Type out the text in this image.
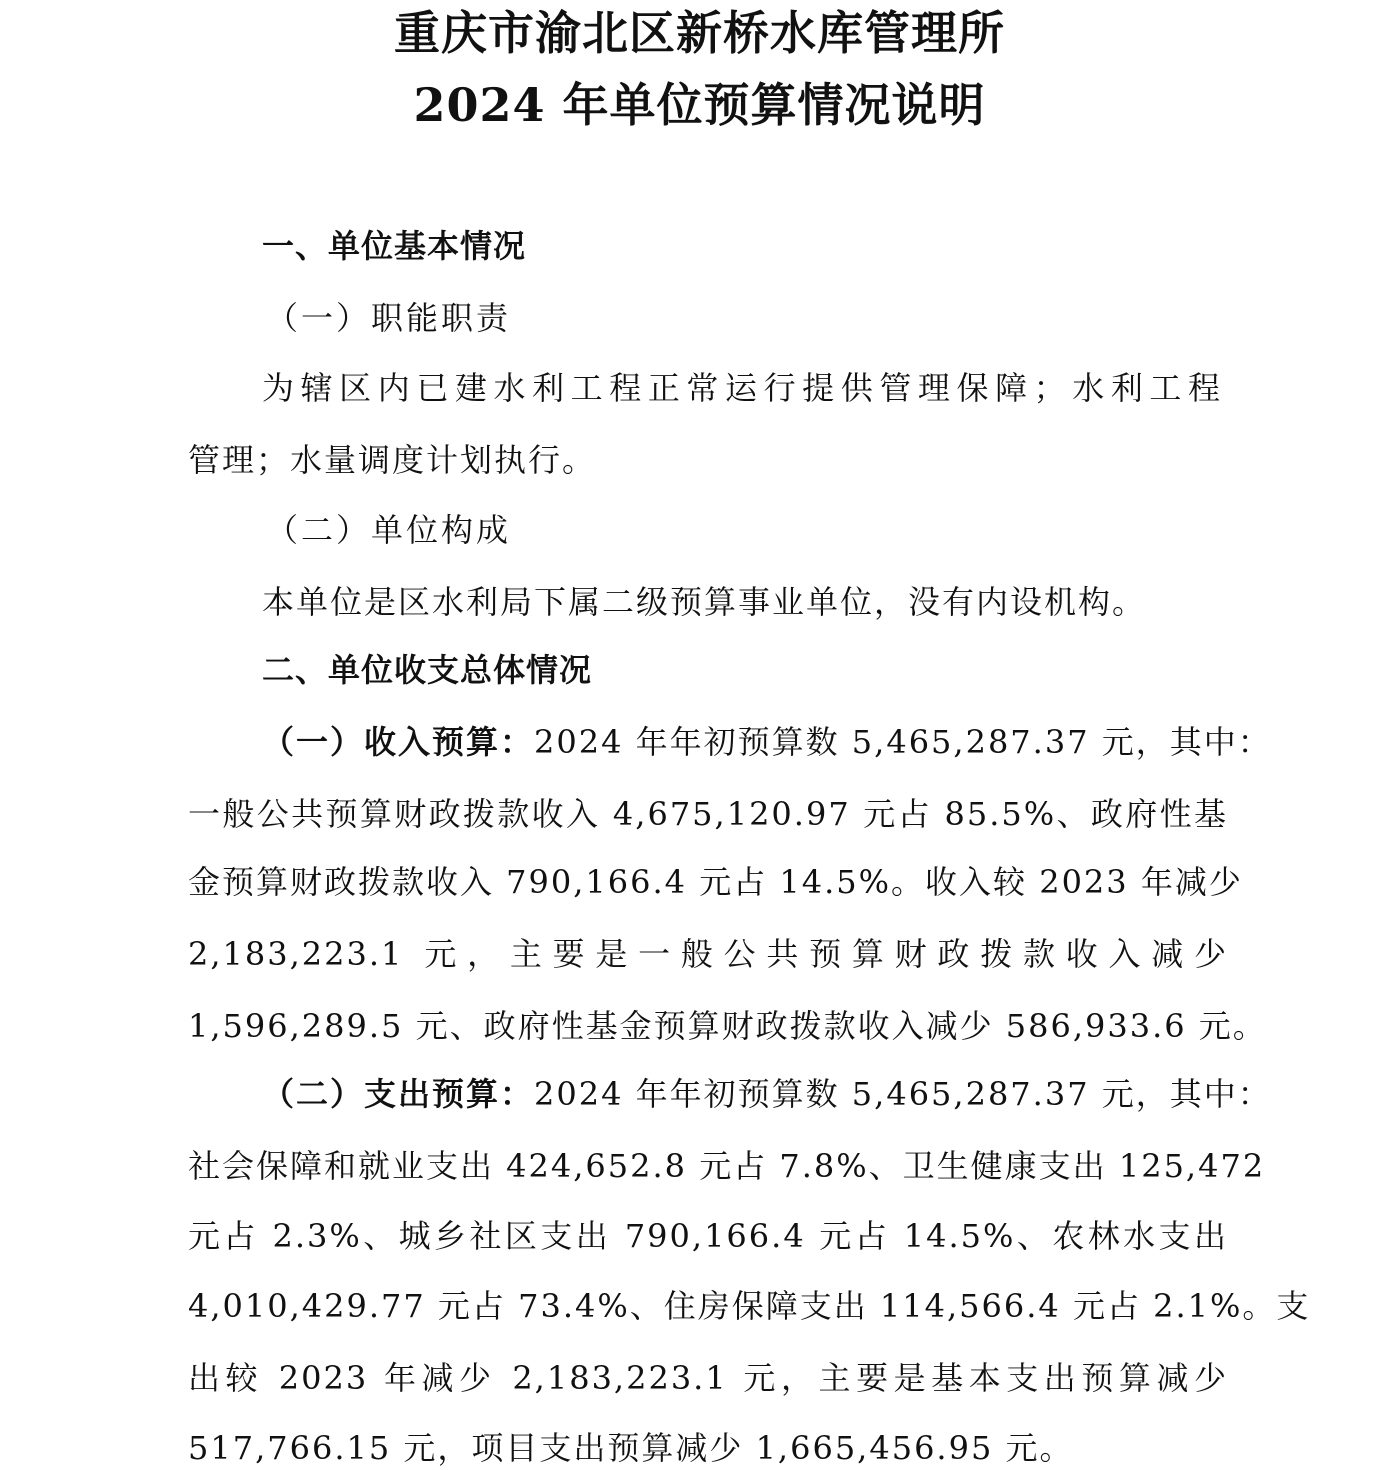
重庆市渝北区新桥水库管理所
2024 年单位预算情况说明
一、单位基本情况
（一）职能职责
为辖区内已建水利工程正常运行提供管理保障；水利工程
管理；水量调度计划执行。
（二）单位构成
本单位是区水利局下属二级预算事业单位，没有内设机构。
二、单位收支总体情况
（一）收入预算：2024 年年初预算数 5,465,287.37 元，其中：
一般公共预算财政拨款收入 4,675,120.97 元占 85.5%、政府性基
金预算财政拨款收入 790,166.4 元占 14.5%。收入较 2023 年减少
2,183,223.1 元，主要是一般公共预算财政拨款收入减少
1,596,289.5 元、政府性基金预算财政拨款收入减少 586,933.6 元。
（二）支出预算：2024 年年初预算数 5,465,287.37 元，其中：
社会保障和就业支出 424,652.8 元占 7.8%、卫生健康支出 125,472
元占 2.3%、城乡社区支出 790,166.4 元占 14.5%、农林水支出
4,010,429.77 元占 73.4%、住房保障支出 114,566.4 元占 2.1%。支
出较 2023 年减少 2,183,223.1 元，主要是基本支出预算减少
517,766.15 元，项目支出预算减少 1,665,456.95 元。
